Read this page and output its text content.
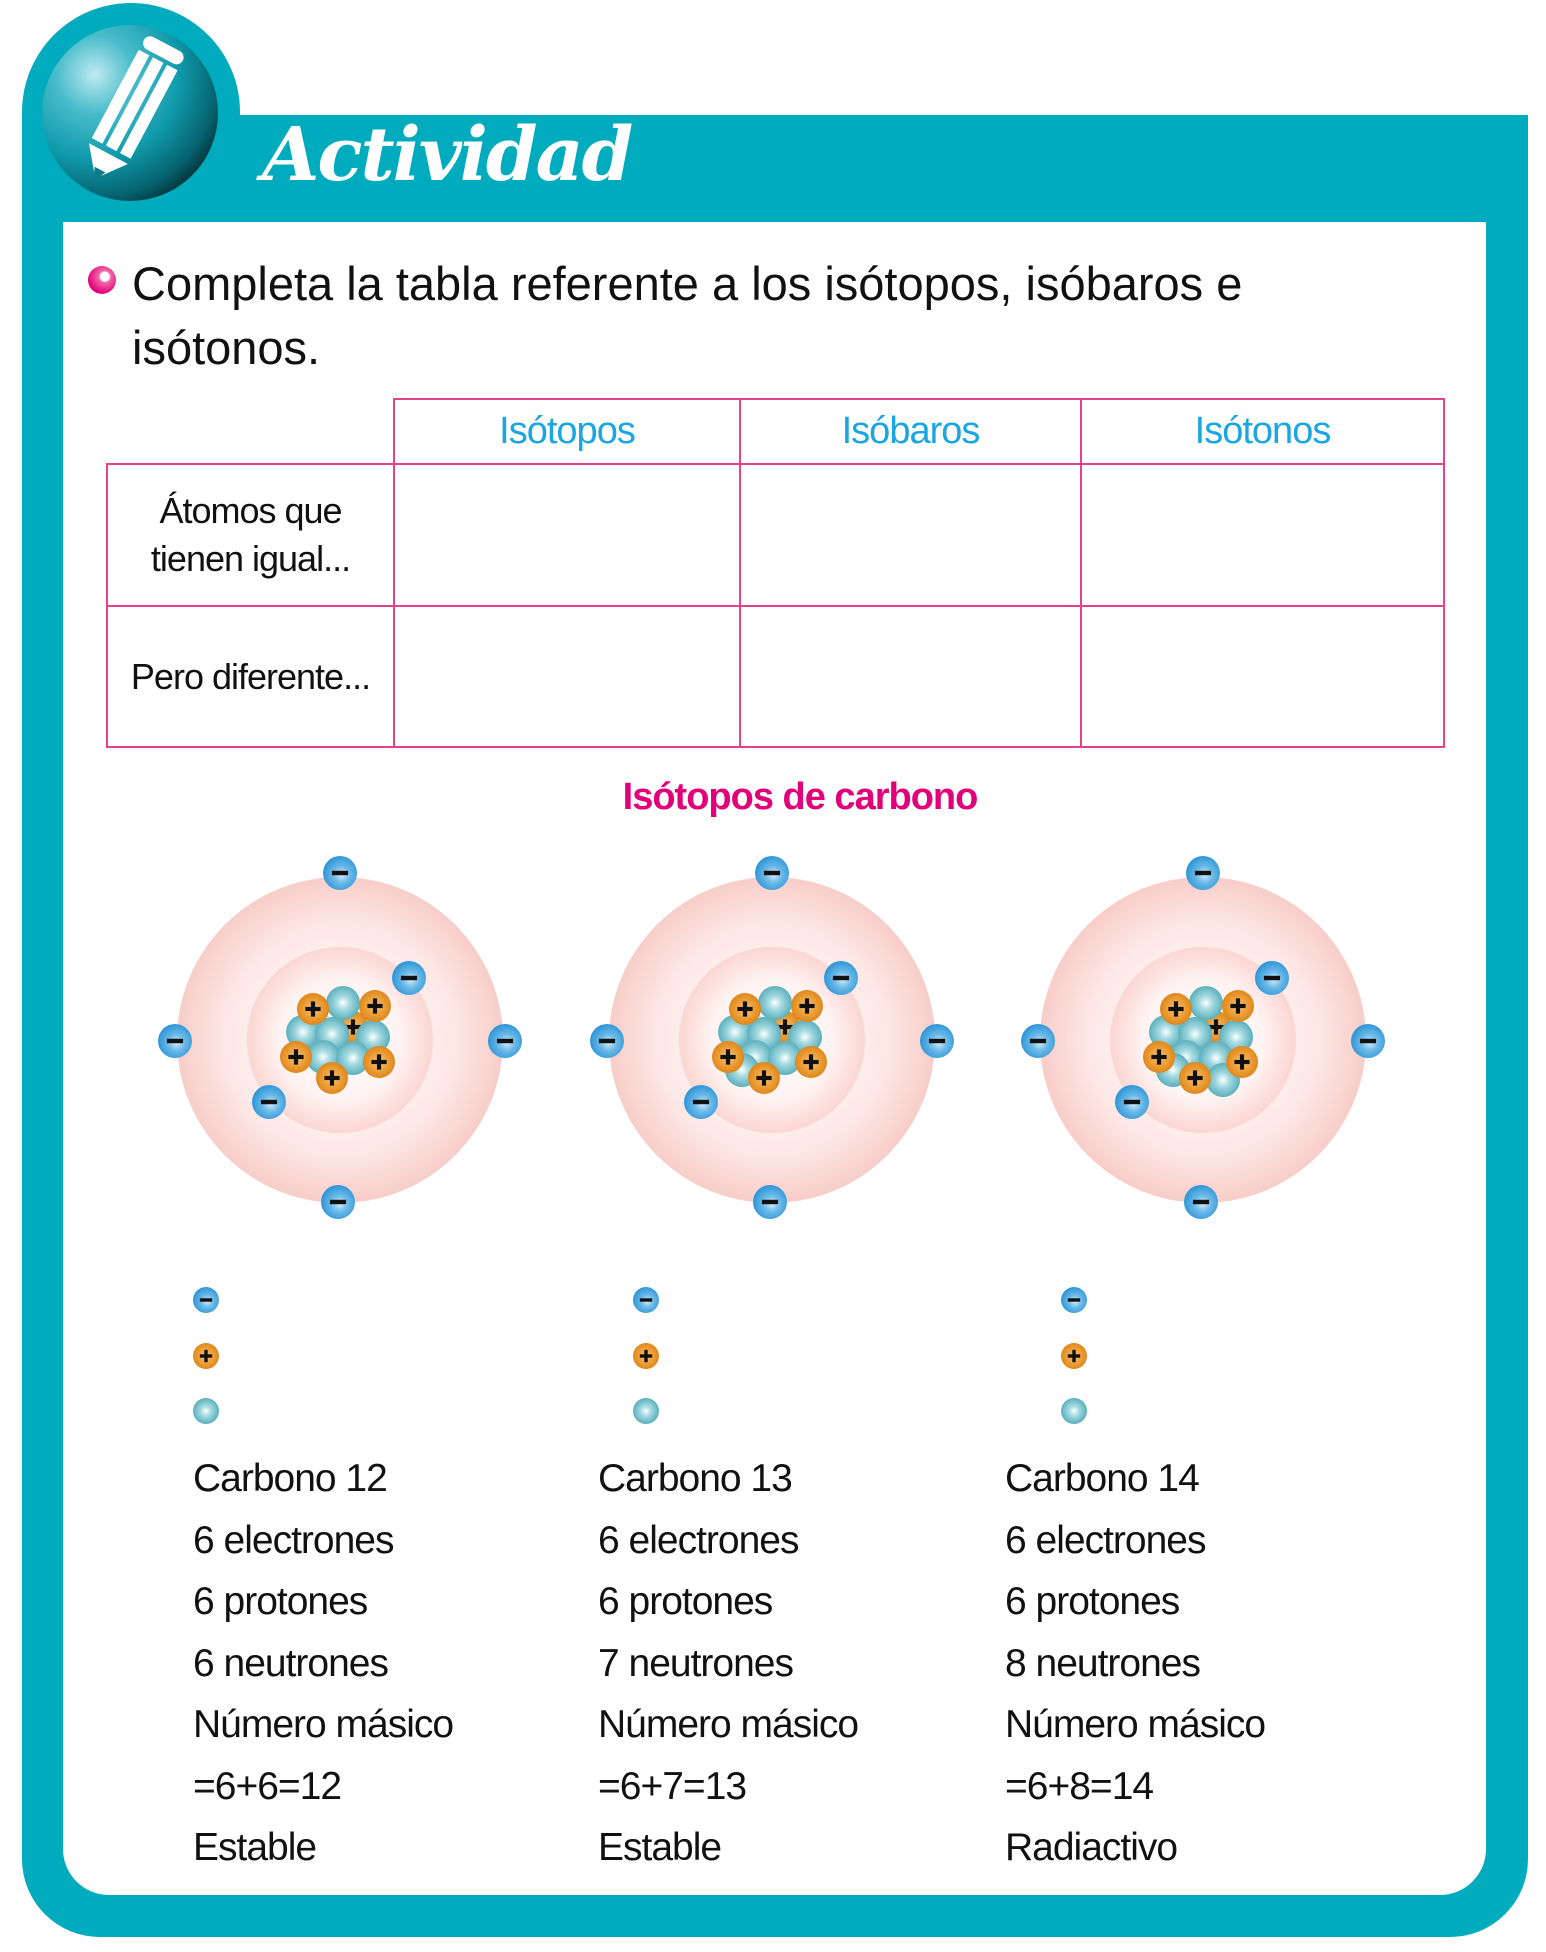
Actividad
Completa la tabla referente a los isótopos, isóbaros e isótonos.
	Isótopos	Isóbaros	Isótonos

Átomos que tienen igual...			

Pero diferente...			
Isótopos de carbono
Carbono 12
6 electrones
6 protones
6 neutrones
Número másico
=6+6=12
Estable
Carbono 13
6 electrones
6 protones
7 neutrones
Número másico
=6+7=13
Estable
Carbono 14
6 electrones
6 protones
8 neutrones
Número másico
=6+8=14
Radiactivo
